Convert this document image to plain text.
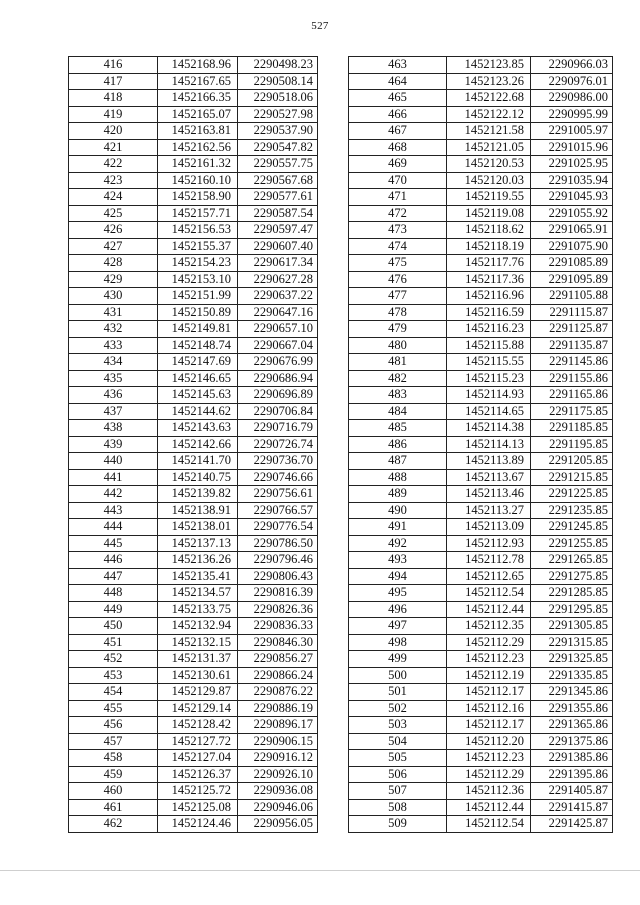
527
416	1452168.96	2290498.23
417	1452167.65	2290508.14
418	1452166.35	2290518.06
419	1452165.07	2290527.98
420	1452163.81	2290537.90
421	1452162.56	2290547.82
422	1452161.32	2290557.75
423	1452160.10	2290567.68
424	1452158.90	2290577.61
425	1452157.71	2290587.54
426	1452156.53	2290597.47
427	1452155.37	2290607.40
428	1452154.23	2290617.34
429	1452153.10	2290627.28
430	1452151.99	2290637.22
431	1452150.89	2290647.16
432	1452149.81	2290657.10
433	1452148.74	2290667.04
434	1452147.69	2290676.99
435	1452146.65	2290686.94
436	1452145.63	2290696.89
437	1452144.62	2290706.84
438	1452143.63	2290716.79
439	1452142.66	2290726.74
440	1452141.70	2290736.70
441	1452140.75	2290746.66
442	1452139.82	2290756.61
443	1452138.91	2290766.57
444	1452138.01	2290776.54
445	1452137.13	2290786.50
446	1452136.26	2290796.46
447	1452135.41	2290806.43
448	1452134.57	2290816.39
449	1452133.75	2290826.36
450	1452132.94	2290836.33
451	1452132.15	2290846.30
452	1452131.37	2290856.27
453	1452130.61	2290866.24
454	1452129.87	2290876.22
455	1452129.14	2290886.19
456	1452128.42	2290896.17
457	1452127.72	2290906.15
458	1452127.04	2290916.12
459	1452126.37	2290926.10
460	1452125.72	2290936.08
461	1452125.08	2290946.06
462	1452124.46	2290956.05
463	1452123.85	2290966.03
464	1452123.26	2290976.01
465	1452122.68	2290986.00
466	1452122.12	2290995.99
467	1452121.58	2291005.97
468	1452121.05	2291015.96
469	1452120.53	2291025.95
470	1452120.03	2291035.94
471	1452119.55	2291045.93
472	1452119.08	2291055.92
473	1452118.62	2291065.91
474	1452118.19	2291075.90
475	1452117.76	2291085.89
476	1452117.36	2291095.89
477	1452116.96	2291105.88
478	1452116.59	2291115.87
479	1452116.23	2291125.87
480	1452115.88	2291135.87
481	1452115.55	2291145.86
482	1452115.23	2291155.86
483	1452114.93	2291165.86
484	1452114.65	2291175.85
485	1452114.38	2291185.85
486	1452114.13	2291195.85
487	1452113.89	2291205.85
488	1452113.67	2291215.85
489	1452113.46	2291225.85
490	1452113.27	2291235.85
491	1452113.09	2291245.85
492	1452112.93	2291255.85
493	1452112.78	2291265.85
494	1452112.65	2291275.85
495	1452112.54	2291285.85
496	1452112.44	2291295.85
497	1452112.35	2291305.85
498	1452112.29	2291315.85
499	1452112.23	2291325.85
500	1452112.19	2291335.85
501	1452112.17	2291345.86
502	1452112.16	2291355.86
503	1452112.17	2291365.86
504	1452112.20	2291375.86
505	1452112.23	2291385.86
506	1452112.29	2291395.86
507	1452112.36	2291405.87
508	1452112.44	2291415.87
509	1452112.54	2291425.87
